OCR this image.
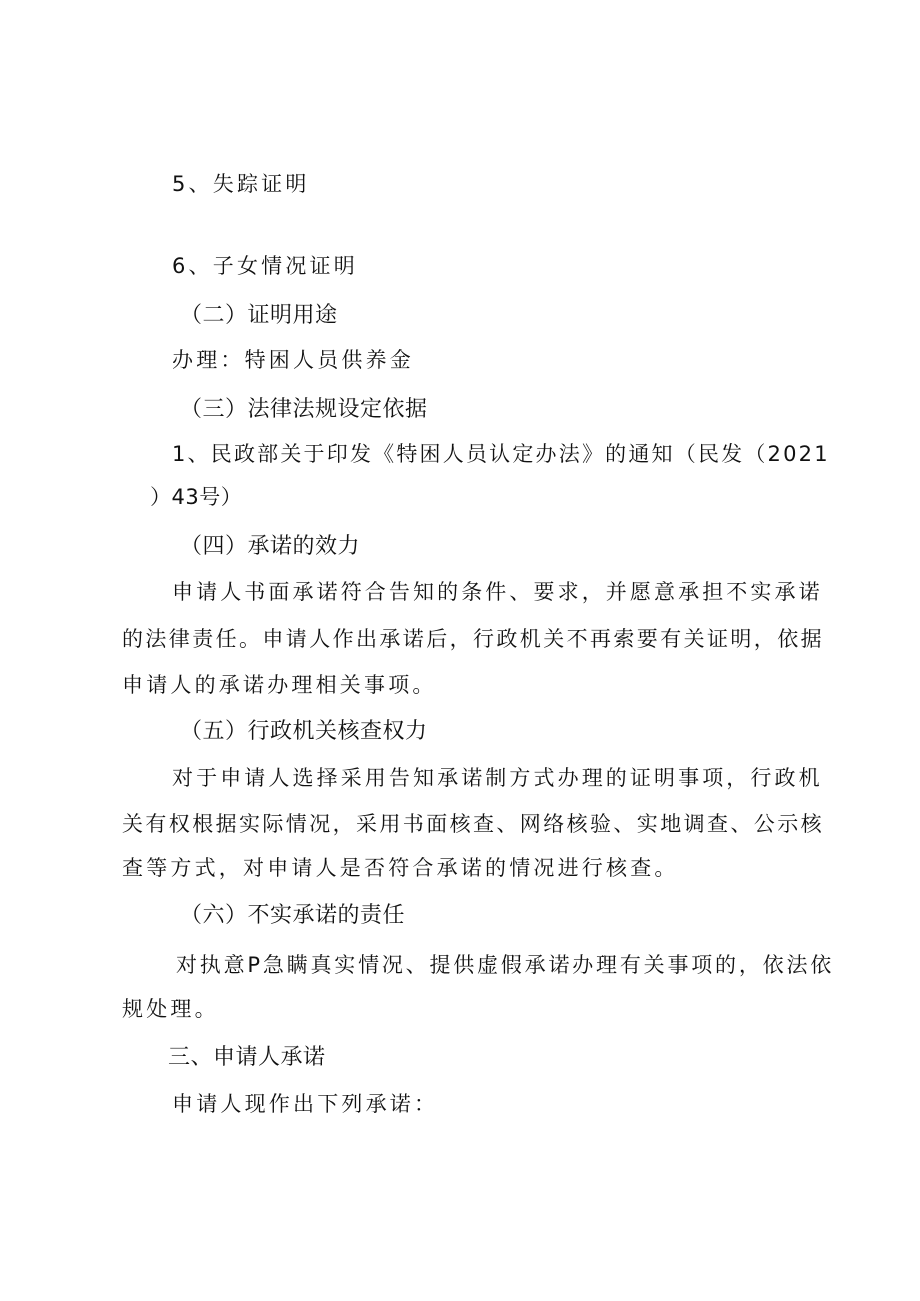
5、失踪证明
6、子女情况证明
（二）证明用途
办理：特困人员供养金
（三）法律法规设定依据
1、民政部关于印发《特困人员认定办法》的通知（民发（2021
）43号）
（四）承诺的效力
申请人书面承诺符合告知的条件、要求，并愿意承担不实承诺
的法律责任。申请人作出承诺后，行政机关不再索要有关证明，依据
申请人的承诺办理相关事项。
（五）行政机关核查权力
对于申请人选择采用告知承诺制方式办理的证明事项，行政机
关有权根据实际情况，采用书面核查、网络核验、实地调查、公示核
查等方式，对申请人是否符合承诺的情况进行核查。
（六）不实承诺的责任
对执意P急瞒真实情况、提供虚假承诺办理有关事项的，依法依
规处理。
三、申请人承诺
申请人现作出下列承诺：
